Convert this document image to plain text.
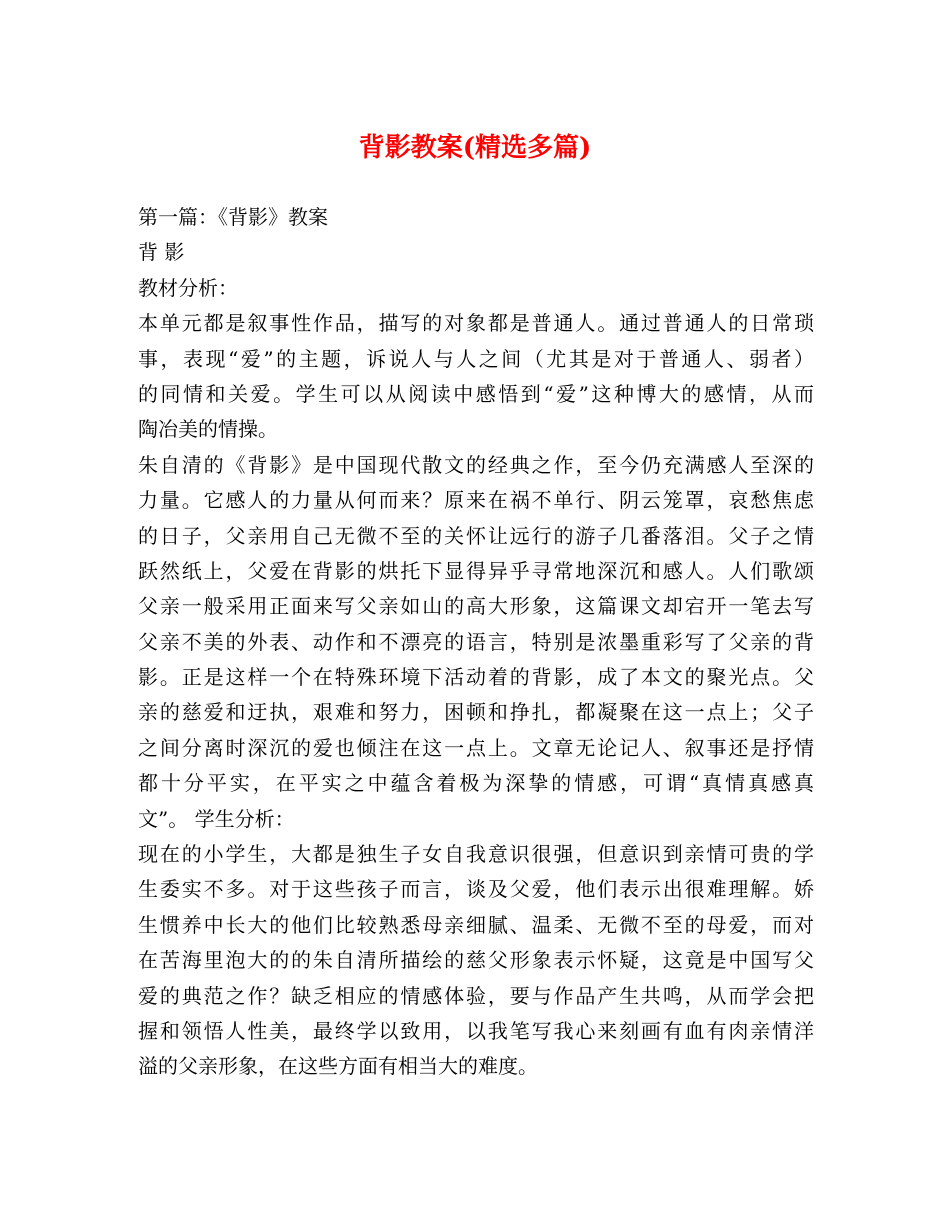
背影教案(精选多篇)

第一篇：《背影》教案

背 影

教材分析：

本单元都是叙事性作品，描写的对象都是普通人。通过普通人的日常琐

事，表现“爱”的主题，诉说人与人之间（尤其是对于普通人、弱者）

的同情和关爱。学生可以从阅读中感悟到“爱”这种博大的感情，从而

陶冶美的情操。

朱自清的《背影》是中国现代散文的经典之作，至今仍充满感人至深的

力量。它感人的力量从何而来？原来在祸不单行、阴云笼罩，哀愁焦虑

的日子，父亲用自己无微不至的关怀让远行的游子几番落泪。父子之情

跃然纸上，父爱在背影的烘托下显得异乎寻常地深沉和感人。人们歌颂

父亲一般采用正面来写父亲如山的高大形象，这篇课文却宕开一笔去写

父亲不美的外表、动作和不漂亮的语言，特别是浓墨重彩写了父亲的背

影。正是这样一个在特殊环境下活动着的背影，成了本文的聚光点。父

亲的慈爱和迂执，艰难和努力，困顿和挣扎，都凝聚在这一点上；父子

之间分离时深沉的爱也倾注在这一点上。文章无论记人、叙事还是抒情

都十分平实，在平实之中蕴含着极为深挚的情感，可谓“真情真感真

文”。 学生分析：

现在的小学生，大都是独生子女自我意识很强，但意识到亲情可贵的学

生委实不多。对于这些孩子而言，谈及父爱，他们表示出很难理解。娇

生惯养中长大的他们比较熟悉母亲细腻、温柔、无微不至的母爱，而对

在苦海里泡大的的朱自清所描绘的慈父形象表示怀疑，这竟是中国写父

爱的典范之作？缺乏相应的情感体验，要与作品产生共鸣，从而学会把

握和领悟人性美，最终学以致用，以我笔写我心来刻画有血有肉亲情洋

溢的父亲形象，在这些方面有相当大的难度。
